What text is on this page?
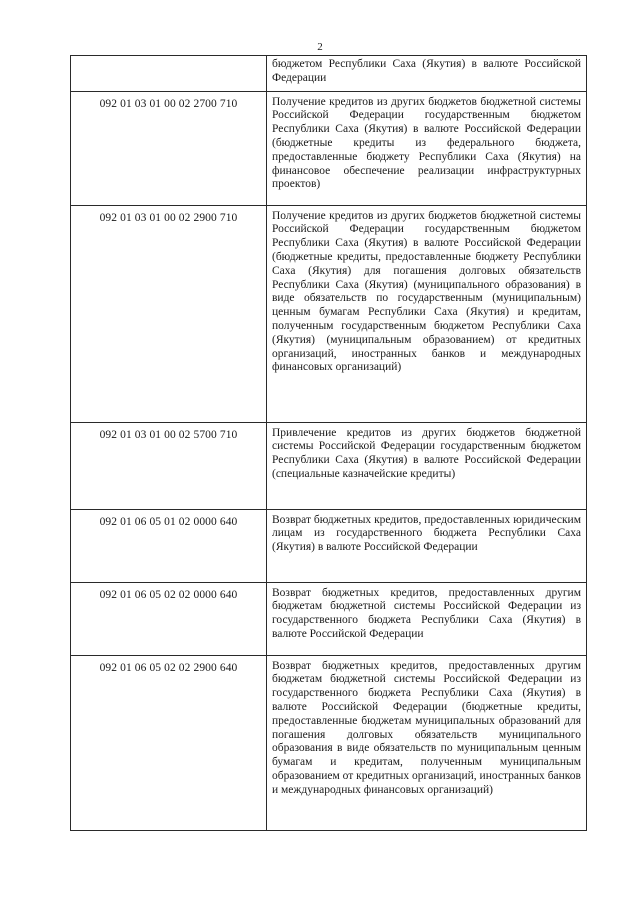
2

	бюджетом Республики Саха (Якутия) в валюте Российской Федерации

092 01 03 01 00 02 2700 710	Получение кредитов из других бюджетов бюджетной системы Российской Федерации государственным бюджетом Республики Саха (Якутия) в валюте Российской Федерации (бюджетные кредиты из федерального бюджета, предоставленные бюджету Республики Саха (Якутия) на финансовое обеспечение реализации инфраструктурных проектов)

092 01 03 01 00 02 2900 710	Получение кредитов из других бюджетов бюджетной системы Российской Федерации государственным бюджетом Республики Саха (Якутия) в валюте Российской Федерации (бюджетные кредиты, предоставленные бюджету Республики Саха (Якутия) для погашения долговых обязательств Республики Саха (Якутия) (муниципального образования) в виде обязательств по государственным (муниципальным) ценным бумагам Республики Саха (Якутия) и кредитам, полученным государственным бюджетом Республики Саха (Якутия) (муниципальным образованием) от кредитных организаций, иностранных банков и международных финансовых организаций)

092 01 03 01 00 02 5700 710	Привлечение кредитов из других бюджетов бюджетной системы Российской Федерации государственным бюджетом Республики Саха (Якутия) в валюте Российской Федерации (специальные казначейские кредиты)

092 01 06 05 01 02 0000 640	Возврат бюджетных кредитов, предоставленных юридическим лицам из государственного бюджета Республики Саха (Якутия) в валюте Российской Федерации

092 01 06 05 02 02 0000 640	Возврат бюджетных кредитов, предоставленных другим бюджетам бюджетной системы Российской Федерации из государственного бюджета Республики Саха (Якутия) в валюте Российской Федерации

092 01 06 05 02 02 2900 640	Возврат бюджетных кредитов, предоставленных другим бюджетам бюджетной системы Российской Федерации из государственного бюджета Республики Саха (Якутия) в валюте Российской Федерации (бюджетные кредиты, предоставленные бюджетам муниципальных образований для погашения долговых обязательств муниципального образования в виде обязательств по муниципальным ценным бумагам и кредитам, полученным муниципальным образованием от кредитных организаций, иностранных банков и международных финансовых организаций)
